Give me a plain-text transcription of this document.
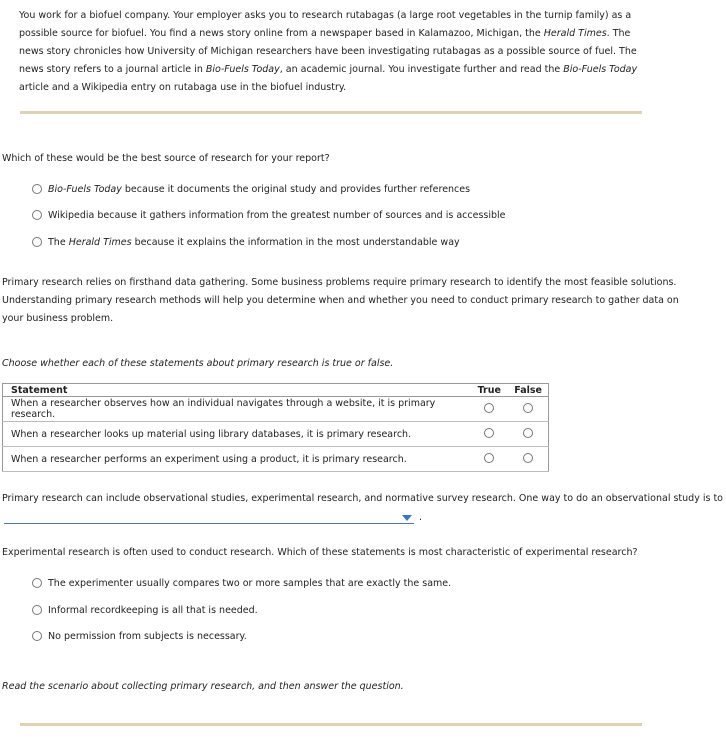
You work for a biofuel company. Your employer asks you to research rutabagas (a large root vegetables in the turnip family) as a possible source for biofuel. You find a news story online from a newspaper based in Kalamazoo, Michigan, the Herald Times. The news story chronicles how University of Michigan researchers have been investigating rutabagas as a possible source of fuel. The news story refers to a journal article in Bio-Fuels Today, an academic journal. You investigate further and read the Bio-Fuels Today article and a Wikipedia entry on rutabaga use in the biofuel industry.
Which of these would be the best source of research for your report?
Bio-Fuels Today because it documents the original study and provides further references
Wikipedia because it gathers information from the greatest number of sources and is accessible
The Herald Times because it explains the information in the most understandable way
Primary research relies on firsthand data gathering. Some business problems require primary research to identify the most feasible solutions. Understanding primary research methods will help you determine when and whether you need to conduct primary research to gather data on your business problem.
Choose whether each of these statements about primary research is true or false.
Statement	True	False
When a researcher observes how an individual navigates through a website, it is primary research.		
When a researcher looks up material using library databases, it is primary research.		
When a researcher performs an experiment using a product, it is primary research.		
Primary research can include observational studies, experimental research, and normative survey research. One way to do an observational study is to
.
Experimental research is often used to conduct research. Which of these statements is most characteristic of experimental research?
The experimenter usually compares two or more samples that are exactly the same.
Informal recordkeeping is all that is needed.
No permission from subjects is necessary.
Read the scenario about collecting primary research, and then answer the question.
